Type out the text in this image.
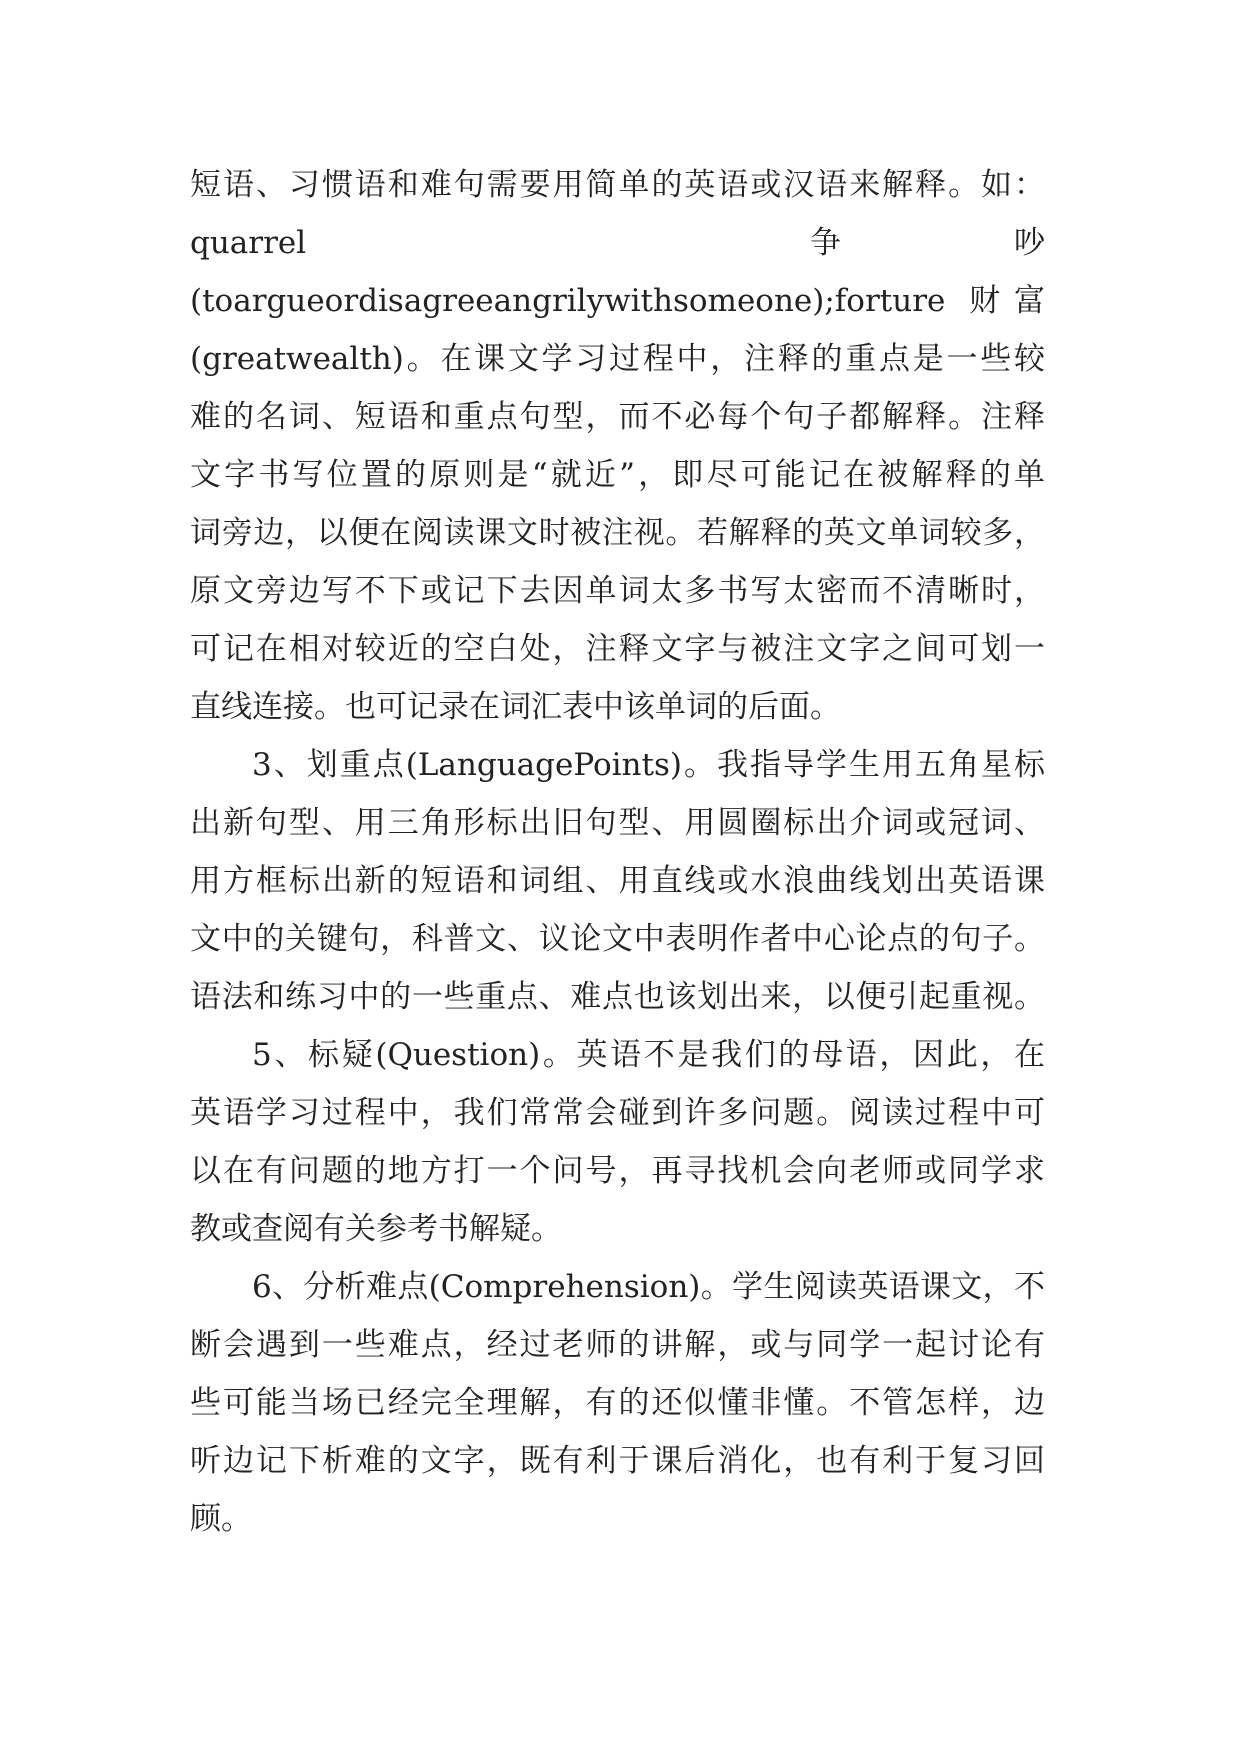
短语、习惯语和难句需要用简单的英语或汉语来解释。如：
quarrel	争	吵
(toargueordisagreeangrilywithsomeone);forture 财富
(greatwealth)。在课文学习过程中，注释的重点是一些较
难的名词、短语和重点句型，而不必每个句子都解释。注释
文字书写位置的原则是“就近”，即尽可能记在被解释的单
词旁边，以便在阅读课文时被注视。若解释的英文单词较多，
原文旁边写不下或记下去因单词太多书写太密而不清晰时，
可记在相对较近的空白处，注释文字与被注文字之间可划一
直线连接。也可记录在词汇表中该单词的后面。
3、划重点(LanguagePoints)。我指导学生用五角星标
出新句型、用三角形标出旧句型、用圆圈标出介词或冠词、
用方框标出新的短语和词组、用直线或水浪曲线划出英语课
文中的关键句，科普文、议论文中表明作者中心论点的句子。
语法和练习中的一些重点、难点也该划出来，以便引起重视。
5、标疑(Question)。英语不是我们的母语，因此，在
英语学习过程中，我们常常会碰到许多问题。阅读过程中可
以在有问题的地方打一个问号，再寻找机会向老师或同学求
教或查阅有关参考书解疑。
6、分析难点(Comprehension)。学生阅读英语课文，不
断会遇到一些难点，经过老师的讲解，或与同学一起讨论有
些可能当场已经完全理解，有的还似懂非懂。不管怎样，边
听边记下析难的文字，既有利于课后消化，也有利于复习回
顾。
